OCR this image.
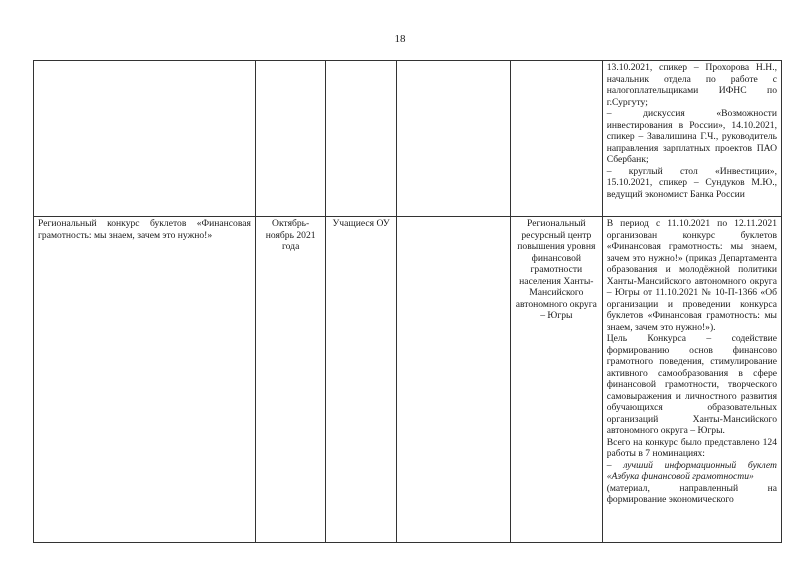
18

					13.10.2021, спикер – Прохорова Н.Н., начальник отдела по работе с налогоплательщиками ИФНС по г.Сургуту;
– дискуссия «Возможности инвестирования в России», 14.10.2021, спикер – Завалишина Г.Ч., руководитель направления зарплатных проектов ПАО Сбербанк;
– круглый стол «Инвестиции», 15.10.2021, спикер – Сундуков М.Ю., ведущий экономист Банка России

Региональный конкурс буклетов «Финансовая грамотность: мы знаем, зачем это нужно!»	Октябрь-ноябрь 2021 года	Учащиеся ОУ		Региональный ресурсный центр повышения уровня финансовой грамотности населения Ханты-Мансийского автономного округа – Югры	В период с 11.10.2021 по 12.11.2021 организован конкурс буклетов «Финансовая грамотность: мы знаем, зачем это нужно!» (приказ Департамента образования и молодёжной политики Ханты-Мансийского автономного округа – Югры от 11.10.2021 № 10-П-1366 «Об организации и проведении конкурса буклетов «Финансовая грамотность: мы знаем, зачем это нужно!»).
Цель Конкурса – содействие формированию основ финансово грамотного поведения, стимулирование активного самообразования в сфере финансовой грамотности, творческого самовыражения и личностного развития обучающихся образовательных организаций Ханты-Мансийского автономного округа – Югры.
Всего на конкурс было представлено 124 работы в 7 номинациях:
– лучший информационный буклет «Азбука финансовой грамотности»
(материал, направленный на формирование экономического
